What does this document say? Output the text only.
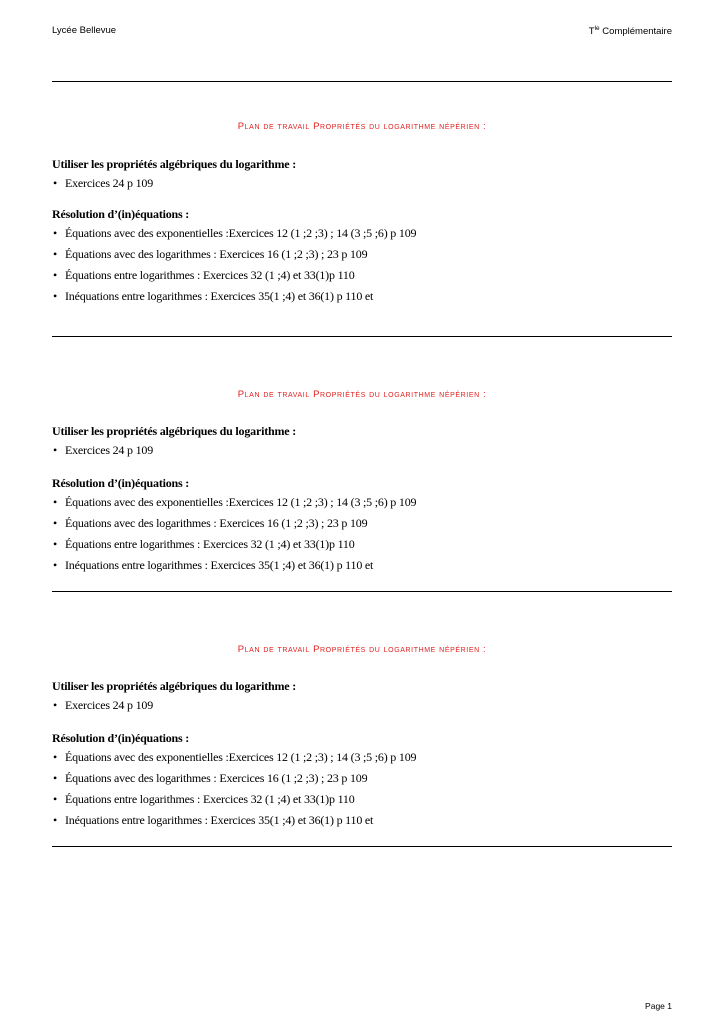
Lycée Bellevue	$T^{le}$ Complémentaire
Plan de travail Propriétés du logarithme népérien :
Utiliser les propriétés algébriques du logarithme :
• Exercices 24 p 109
Résolution d’(in)équations :
• Équations avec des exponentielles :Exercices 12 (1 ;2 ;3) ; 14 (3 ;5 ;6) p 109
• Équations avec des logarithmes : Exercices 16 (1 ;2 ;3) ; 23 p 109
• Équations entre logarithmes : Exercices 32 (1 ;4) et 33(1)p 110
• Inéquations entre logarithmes : Exercices 35(1 ;4) et 36(1) p 110 et
Plan de travail Propriétés du logarithme népérien :
Utiliser les propriétés algébriques du logarithme :
• Exercices 24 p 109
Résolution d’(in)équations :
• Équations avec des exponentielles :Exercices 12 (1 ;2 ;3) ; 14 (3 ;5 ;6) p 109
• Équations avec des logarithmes : Exercices 16 (1 ;2 ;3) ; 23 p 109
• Équations entre logarithmes : Exercices 32 (1 ;4) et 33(1)p 110
• Inéquations entre logarithmes : Exercices 35(1 ;4) et 36(1) p 110 et
Plan de travail Propriétés du logarithme népérien :
Utiliser les propriétés algébriques du logarithme :
• Exercices 24 p 109
Résolution d’(in)équations :
• Équations avec des exponentielles :Exercices 12 (1 ;2 ;3) ; 14 (3 ;5 ;6) p 109
• Équations avec des logarithmes : Exercices 16 (1 ;2 ;3) ; 23 p 109
• Équations entre logarithmes : Exercices 32 (1 ;4) et 33(1)p 110
• Inéquations entre logarithmes : Exercices 35(1 ;4) et 36(1) p 110 et
Page 1
